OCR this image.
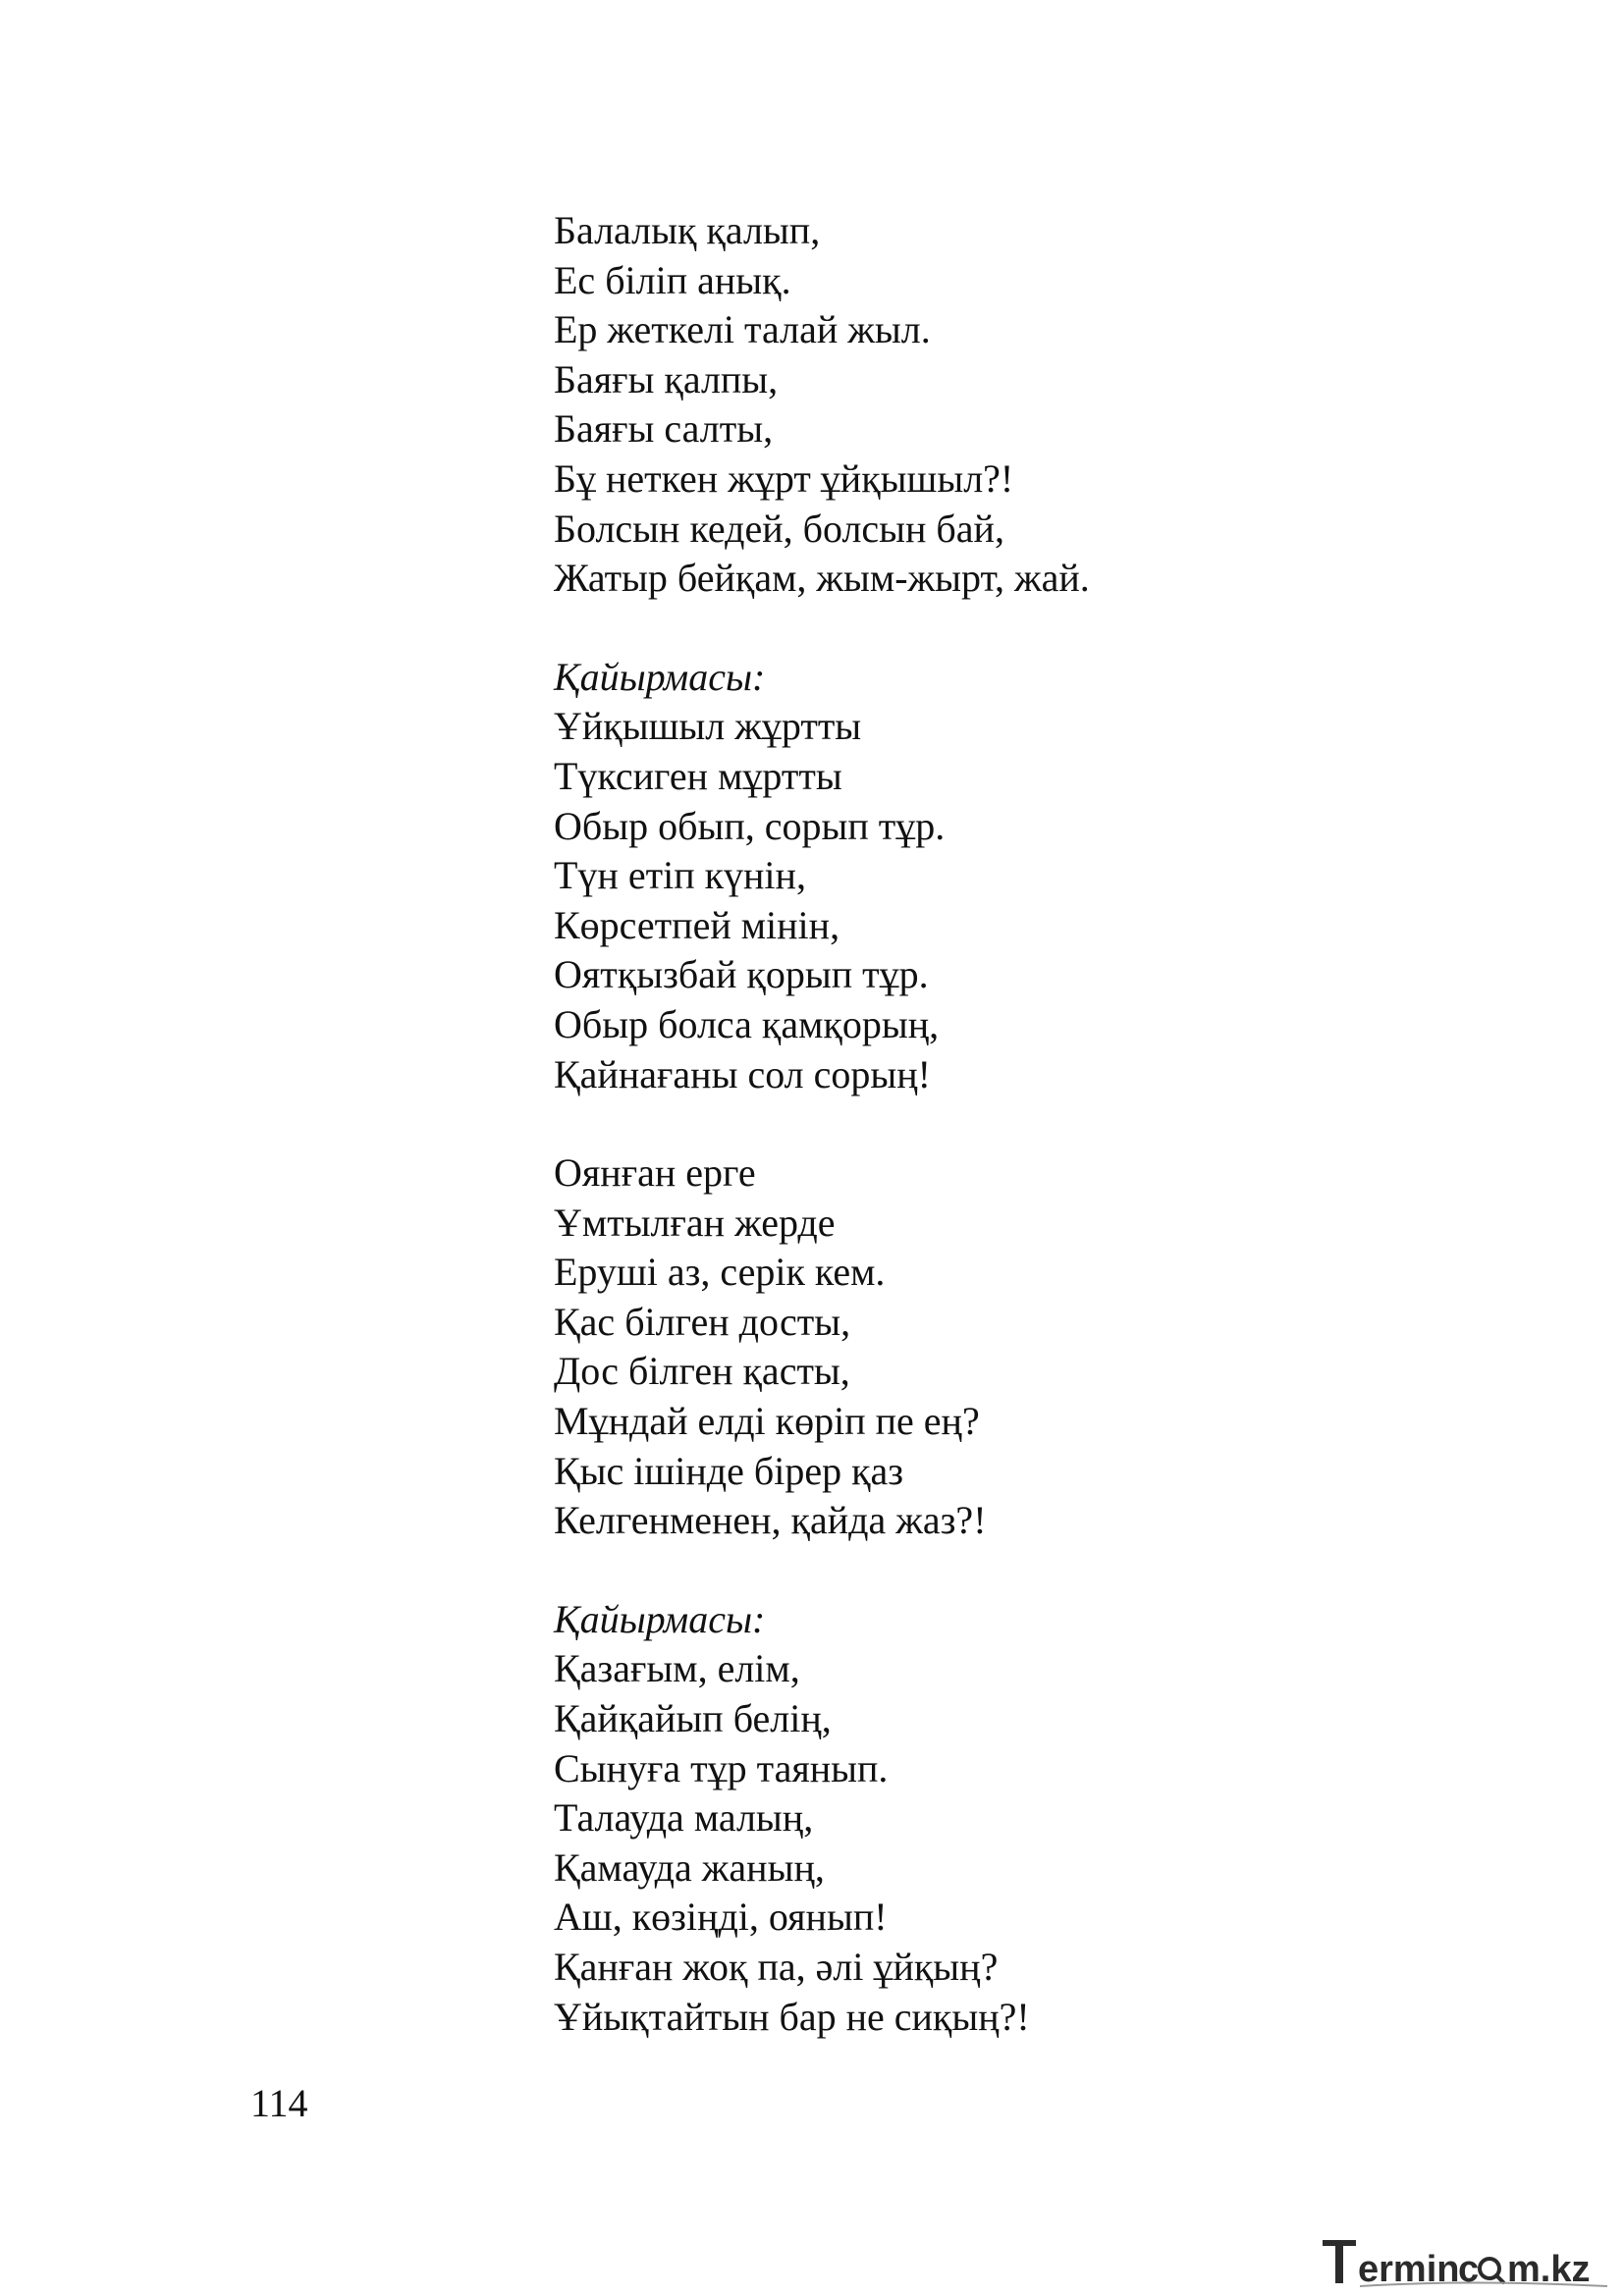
Балалық қалып,
Ес біліп анық.
Ер жеткелі талай жыл.
Баяғы қалпы,
Баяғы салты,
Бұ неткен жұрт ұйқышыл?!
Болсын кедей, болсын бай,
Жатыр бейқам, жым-жырт, жай.
Қайырмасы:
Ұйқышыл жұртты
Түксиген мұртты
Обыр обып, сорып тұр.
Түн етіп күнін,
Көрсетпей мінін,
Оятқызбай қорып тұр.
Обыр болса қамқорың,
Қайнағаны сол сорың!
Оянған ерге
Ұмтылған жерде
Еруші аз, серік кем.
Қас білген досты,
Дос білген қасты,
Мұндай елді көріп пе ең?
Қыс ішінде бірер қаз
Келгенменен, қайда жаз?!
Қайырмасы:
Қазағым, елім,
Қайқайып белің,
Сынуға тұр таянып.
Талауда малың,
Қамауда жаның,
Аш, көзіңді, оянып!
Қанған жоқ па, әлі ұйқың?
Ұйықтайтын бар не сиқың?!
114
ermin
c m.kz
